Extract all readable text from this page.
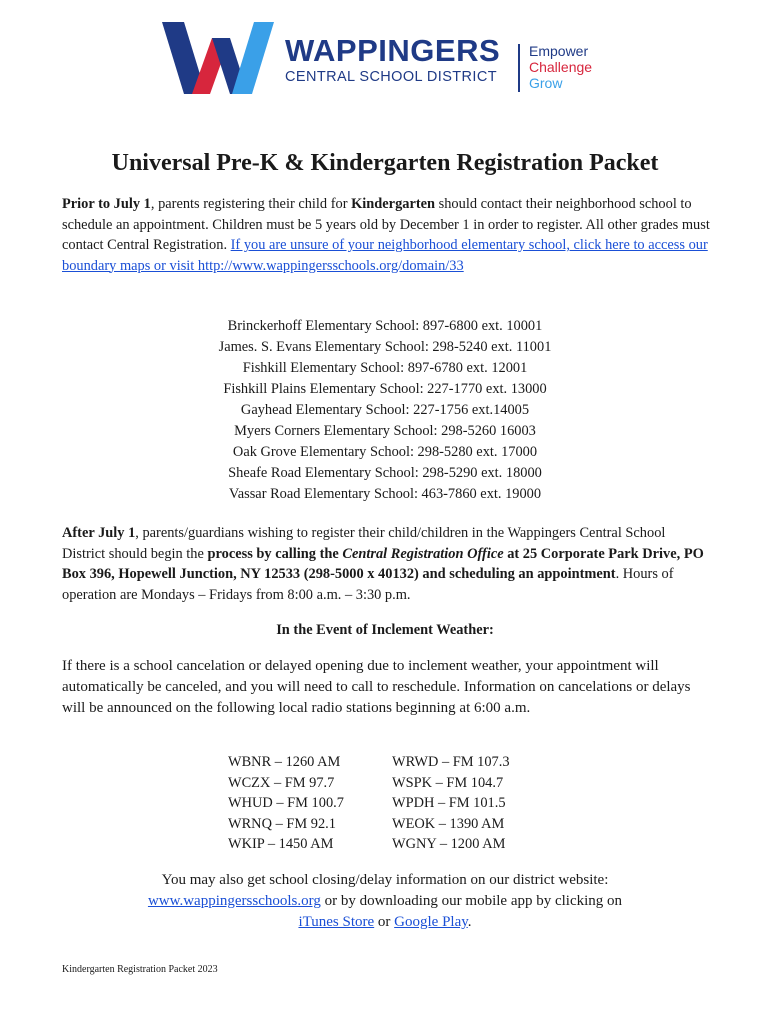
WAPPINGERS
CENTRAL SCHOOL DISTRICT
Empower
Challenge
Grow
Universal Pre-K & Kindergarten Registration Packet

Prior to July 1, parents registering their child for Kindergarten should contact their neighborhood school to schedule an appointment. Children must be 5 years old by December 1 in order to register. All other grades must contact Central Registration. If you are unsure of your neighborhood elementary school, click here to access our boundary maps or visit http://www.wappingersschools.org/domain/33

Brinckerhoff Elementary School: 897-6800 ext. 10001
James. S. Evans Elementary School: 298-5240 ext. 11001
Fishkill Elementary School: 897-6780 ext. 12001
Fishkill Plains Elementary School: 227-1770 ext. 13000
Gayhead Elementary School: 227-1756 ext.14005
Myers Corners Elementary School: 298-5260 16003
Oak Grove Elementary School: 298-5280 ext. 17000
Sheafe Road Elementary School: 298-5290 ext. 18000
Vassar Road Elementary School: 463-7860 ext. 19000

After July 1, parents/guardians wishing to register their child/children in the Wappingers Central School District should begin the process by calling the Central Registration Office at 25 Corporate Park Drive, PO Box 396, Hopewell Junction, NY 12533 (298-5000 x 40132) and scheduling an appointment. Hours of operation are Mondays – Fridays from 8:00 a.m. – 3:30 p.m.

In the Event of Inclement Weather:

If there is a school cancelation or delayed opening due to inclement weather, your appointment will automatically be canceled, and you will need to call to reschedule. Information on cancelations or delays will be announced on the following local radio stations beginning at 6:00 a.m.

WBNR – 1260 AM
WCZX – FM 97.7
WHUD – FM 100.7
WRNQ – FM 92.1
WKIP – 1450 AM
WRWD – FM 107.3
WSPK – FM 104.7
WPDH – FM 101.5
WEOK – 1390 AM
WGNY – 1200 AM
You may also get school closing/delay information on our district website:
www.wappingersschools.org or by downloading our mobile app by clicking on
iTunes Store or Google Play.
Kindergarten Registration Packet 2023
